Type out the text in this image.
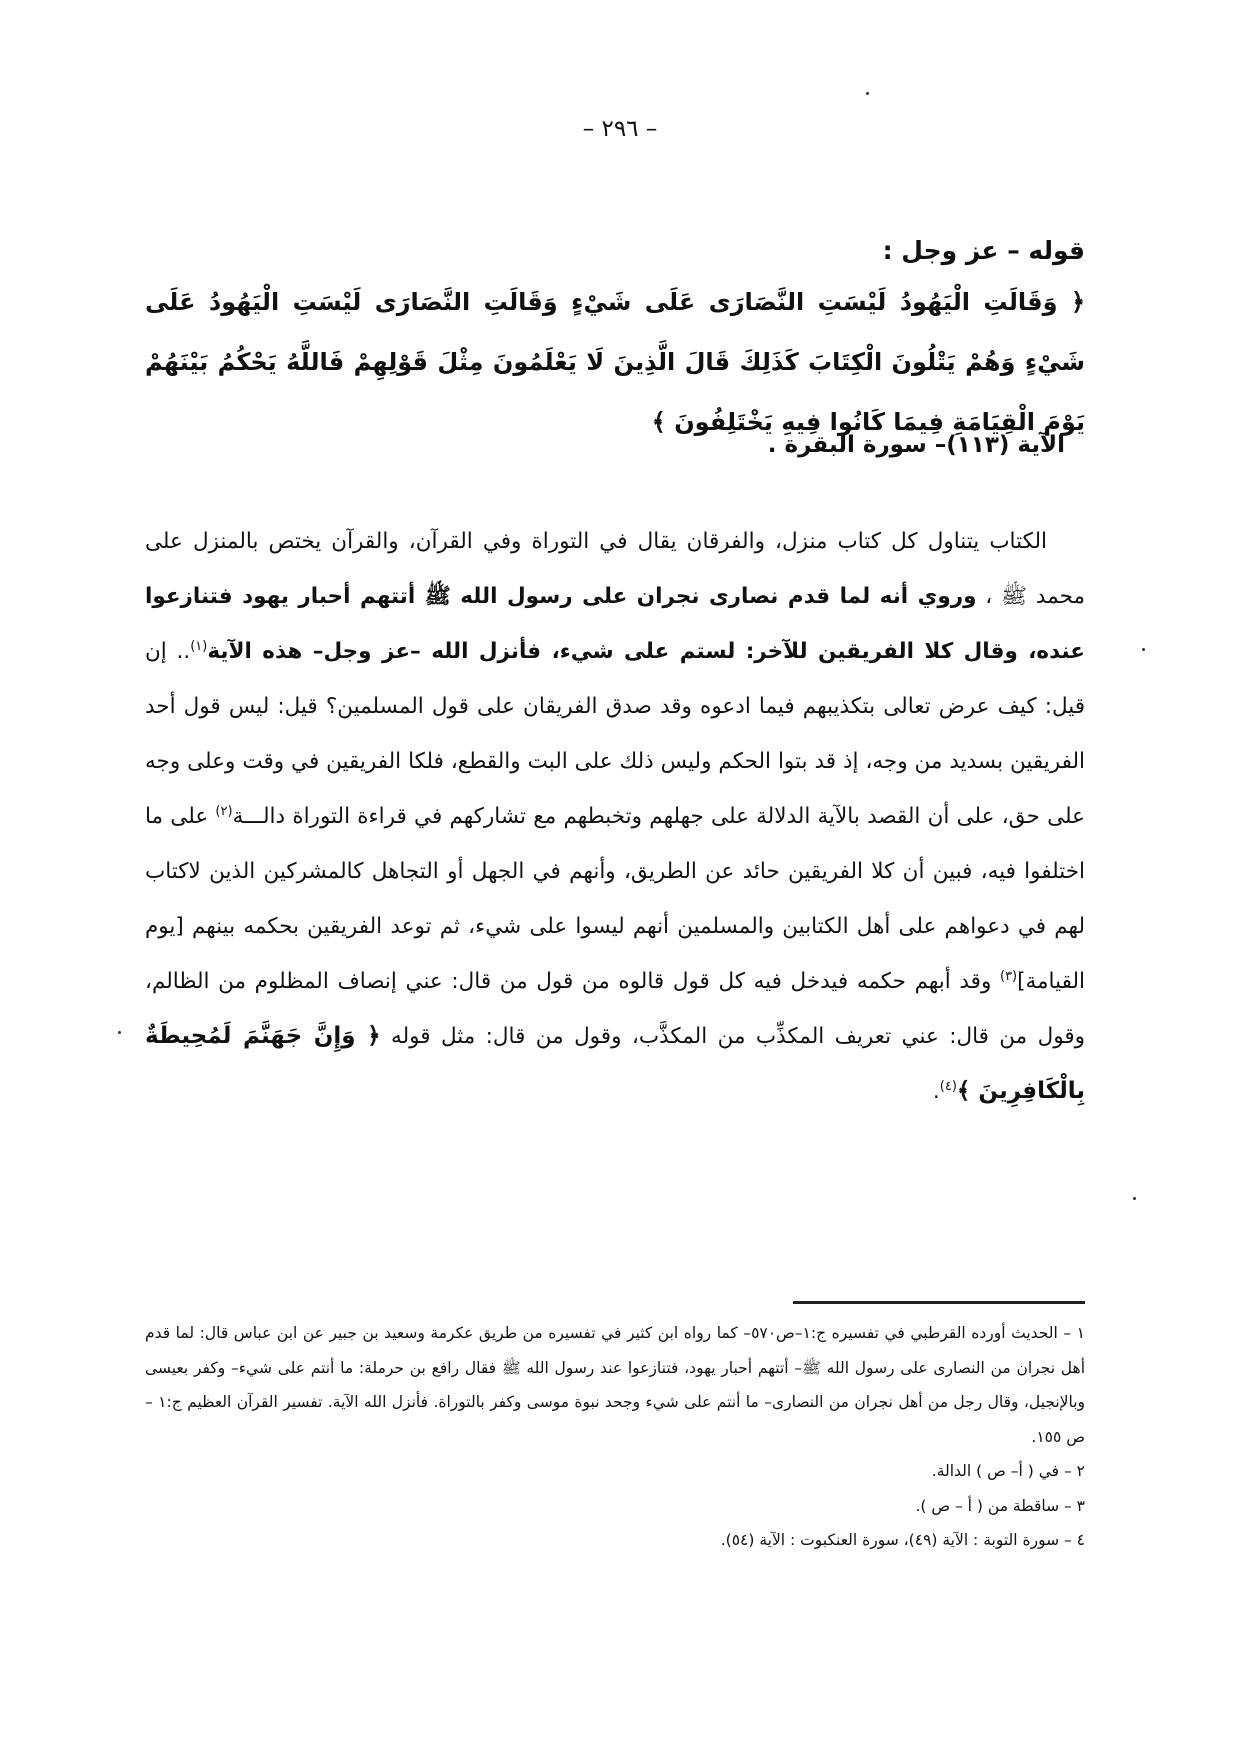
– ٢٩٦ –
قوله – عز وجل :
﴿ وَقَالَتِ الْيَهُودُ لَيْسَتِ النَّصَارَى عَلَى شَيْءٍ وَقَالَتِ النَّصَارَى لَيْسَتِ الْيَهُودُ عَلَى شَيْءٍ وَهُمْ يَتْلُونَ الْكِتَابَ كَذَلِكَ قَالَ الَّذِينَ لَا يَعْلَمُونَ مِثْلَ قَوْلِهِمْ فَاللَّهُ يَحْكُمُ بَيْنَهُمْ يَوْمَ الْقِيَامَةِ فِيمَا كَانُوا فِيهِ يَخْتَلِفُونَ ﴾
الآية (١١٣)– سورة البقرة .

الكتاب يتناول كل كتاب منزل، والفرقان يقال في التوراة وفي القرآن، والقرآن يختص بالمنزل على محمد ﷺ ، وروي أنه لما قدم نصارى نجران على رسول الله ﷺ أتتهم أحبار يهود فتنازعوا عنده، وقال كلا الفريقين للآخر: لستم على شيء، فأنزل الله –عز وجل– هذه الآية$^{(١)}$.. إن قيل: كيف عرض تعالى بتكذيبهم فيما ادعوه وقد صدق الفريقان على قول المسلمين؟ قيل: ليس قول أحد الفريقين بسديد من وجه، إذ قد بتوا الحكم وليس ذلك على البت والقطع، فلكا الفريقين في وقت وعلى وجه على حق، على أن القصد بالآية الدلالة على جهلهم وتخبطهم مع تشاركهم في قراءة التوراة دالـــة$^{(٢)}$ على ما اختلفوا فيه، فبين أن كلا الفريقين حائد عن الطريق، وأنهم في الجهل أو التجاهل كالمشركين الذين لاكتاب لهم في دعواهم على أهل الكتابين والمسلمين أنهم ليسوا على شيء، ثم توعد الفريقين بحكمه بينهم [يوم القيامة]$^{(٣)}$ وقد أبهم حكمه فيدخل فيه كل قول قالوه من قول من قال: عني إنصاف المظلوم من الظالم، وقول من قال: عني تعريف المكذِّب من المكذَّب، وقول من قال: مثل قوله ﴿ وَإِنَّ جَهَنَّمَ لَمُحِيطَةٌ بِالْكَافِرِينَ ﴾$^{(٤)}$.

١ – الحديث أورده القرطبي في تفسيره ج:١–ص٥٧٠– كما رواه ابن كثير في تفسيره من طريق عكرمة وسعيد بن جبير عن ابن عباس قال: لما قدم أهل نجران من النصارى على رسول الله ﷺ– أتتهم أحبار يهود، فتنازعوا عند رسول الله ﷺ فقال رافع بن حرملة: ما أنتم على شيء– وكفر بعيسى وبالإنجيل، وقال رجل من أهل نجران من النصارى– ما أنتم على شيء وجحد نبوة موسى وكفر بالتوراة. فأنزل الله الآية. تفسير القرآن العظيم ج:١ – ص ١٥٥.
٢ – في ( أ– ص ) الدالة.
٣ – ساقطة من ( أ – ص ).
٤ – سورة التوبة : الآية (٤٩)، سورة العنكبوت : الآية (٥٤).
